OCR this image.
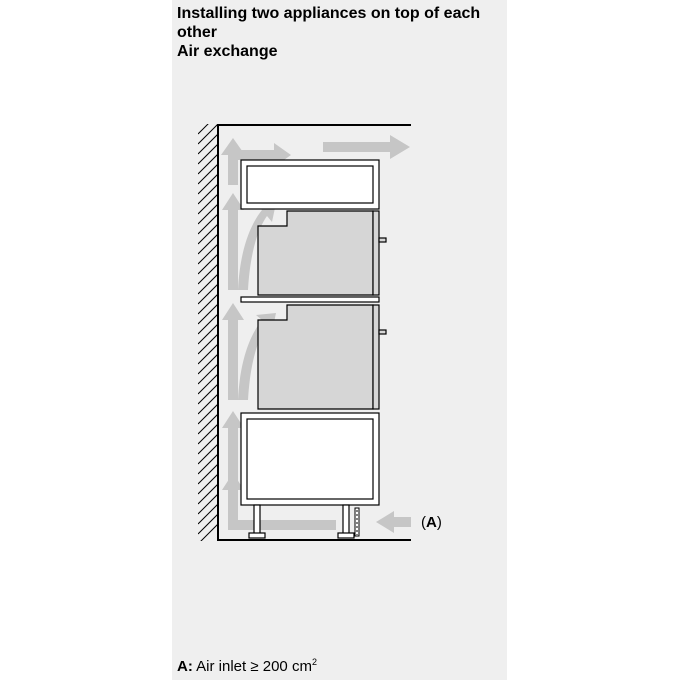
Installing two appliances on top of each
other
Air exchange
(A)
A: Air inlet ≥ 200 $cm^2$
